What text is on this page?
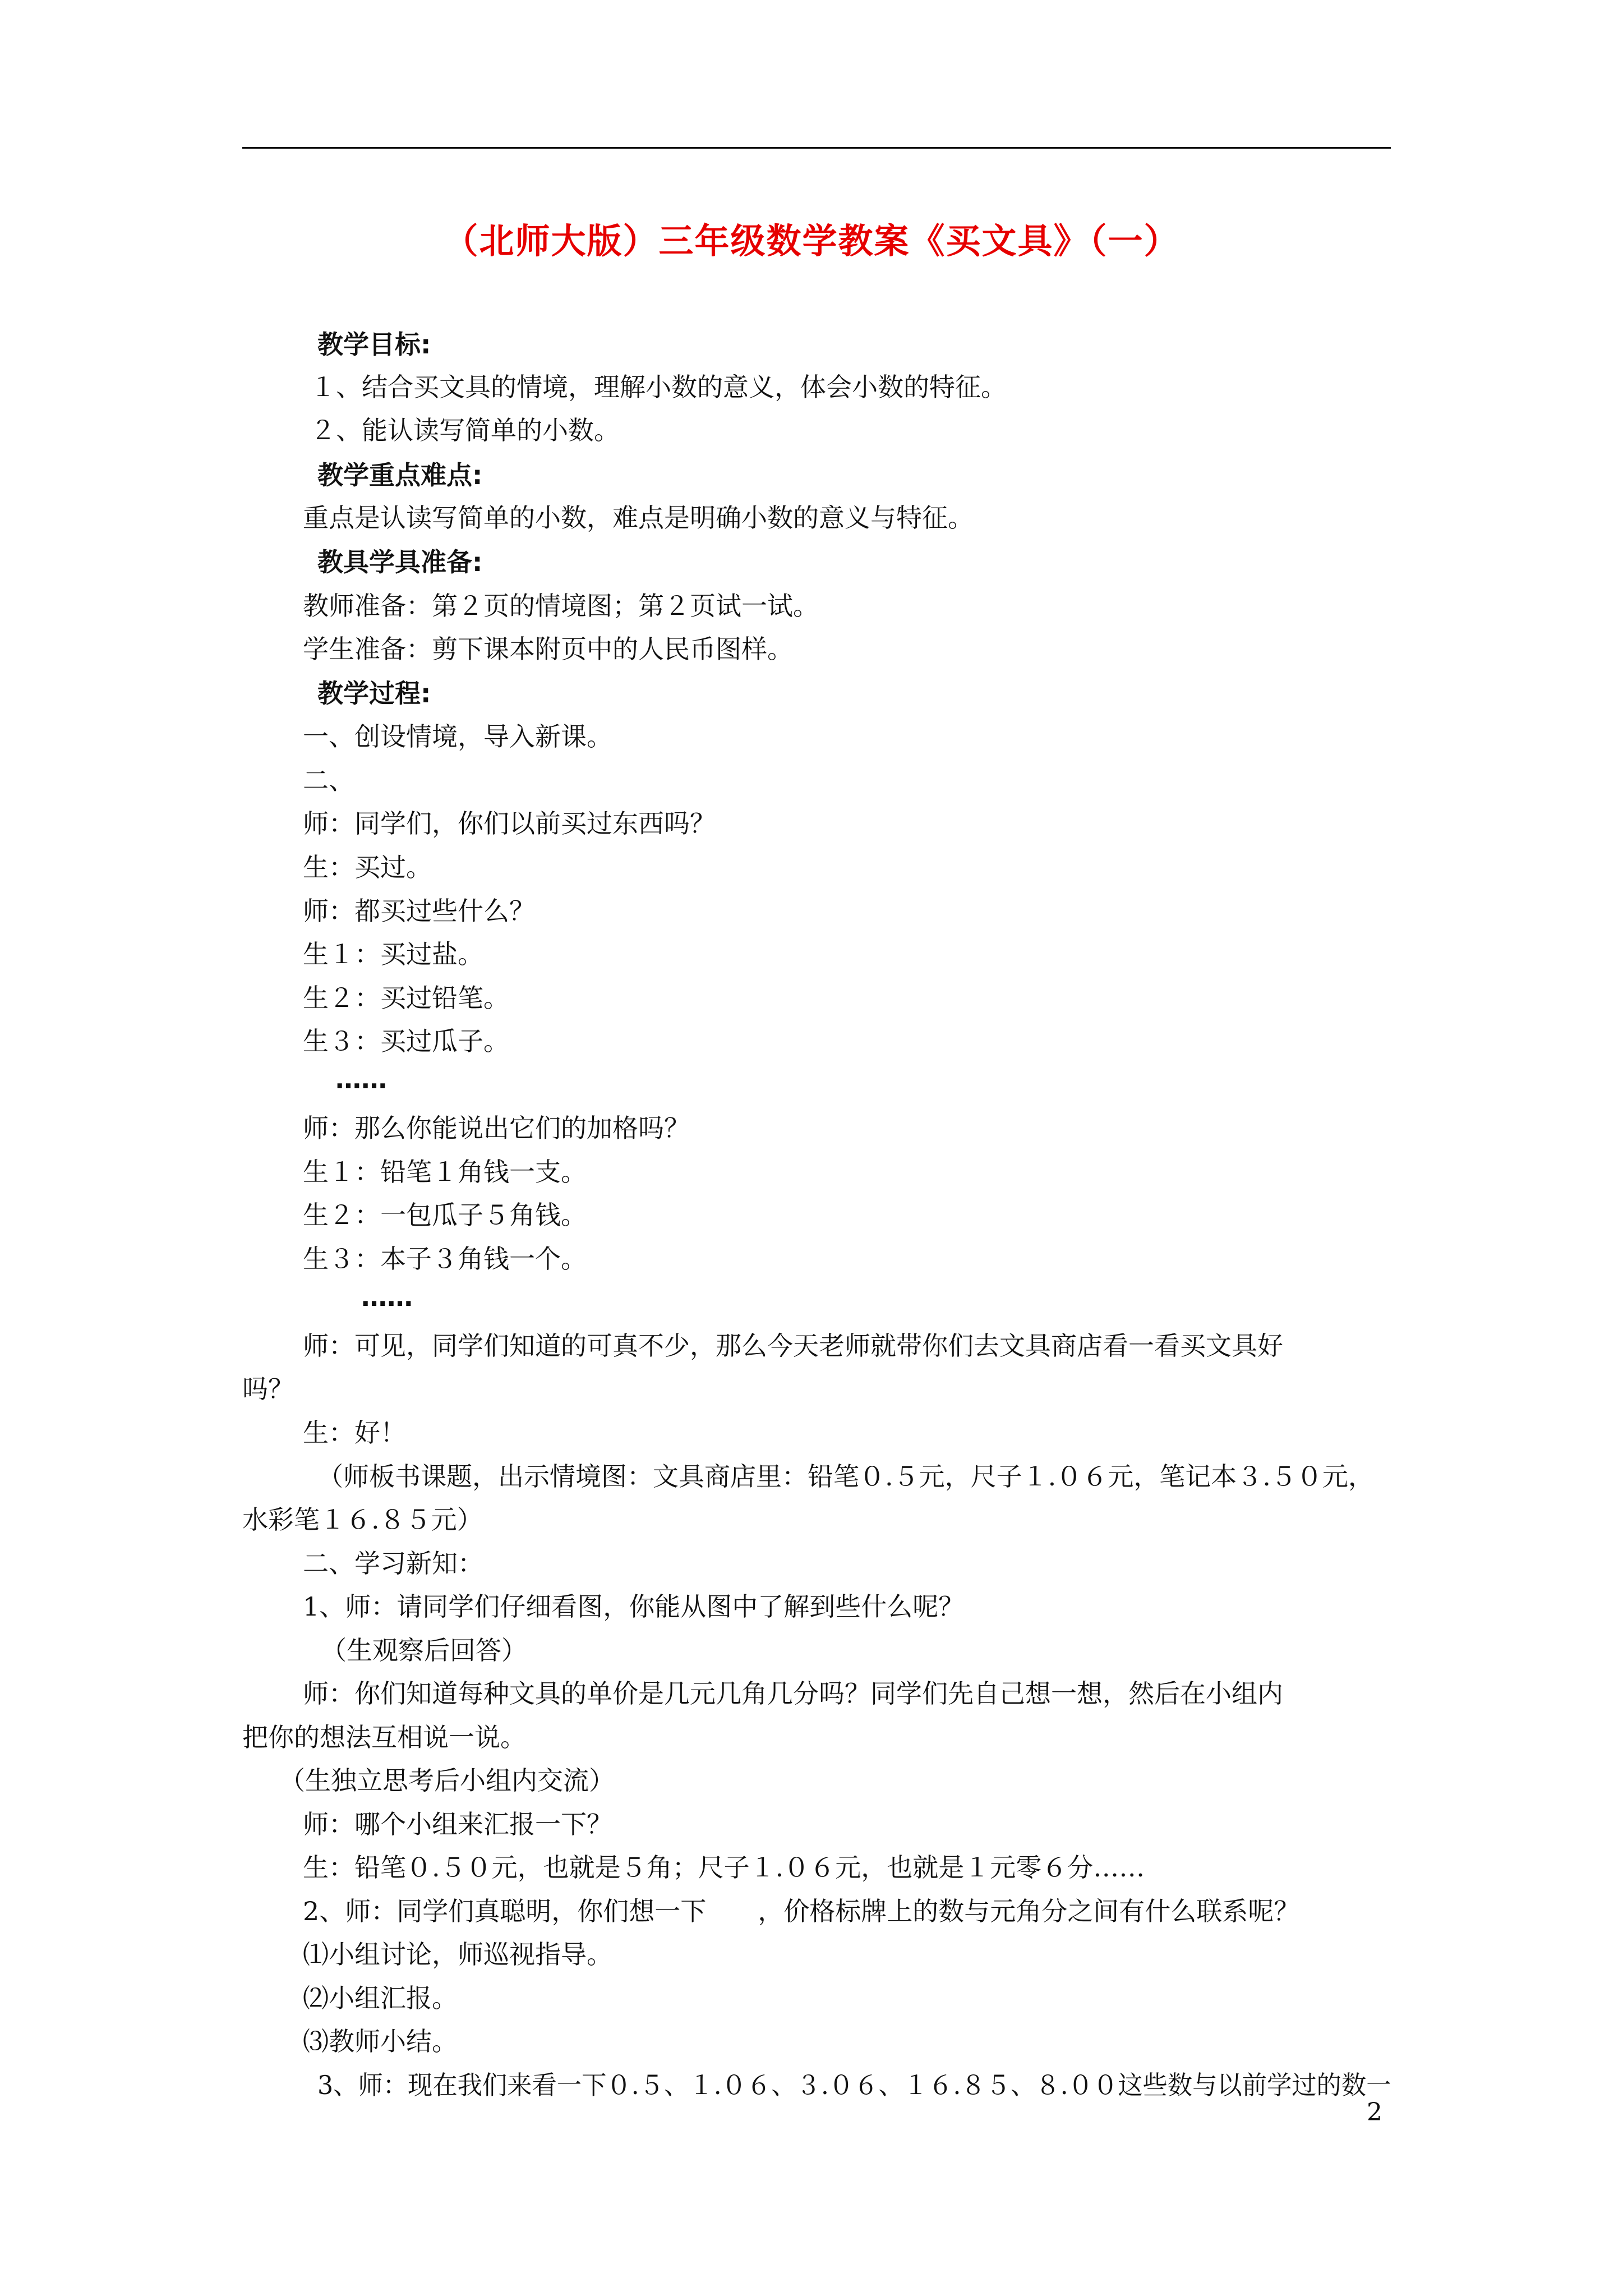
（北师大版）三年级数学教案《买文具》（一）
教学目标:
１、结合买文具的情境，理解小数的意义，体会小数的特征。
２、能认读写简单的小数。
教学重点难点:
重点是认读写简单的小数，难点是明确小数的意义与特征。
教具学具准备:
教师准备：第２页的情境图；第２页试一试。
学生准备：剪下课本附页中的人民币图样。
教学过程:
一、创设情境，导入新课。
二、
师：同学们，你们以前买过东西吗？
生：买过。
师：都买过些什么？
生１：买过盐。
生２：买过铅笔。
生３：买过瓜子。
……
师：那么你能说出它们的加格吗？
生１：铅笔１角钱一支。
生２：一包瓜子５角钱。
生３：本子３角钱一个。
……
师：可见，同学们知道的可真不少，那么今天老师就带你们去文具商店看一看买文具好
吗？
生：好！
（师板书课题，出示情境图：文具商店里：铅笔０.５元，尺子１.０６元，笔记本３.５０元，
水彩笔１６.８５元）
二、学习新知：
1、师：请同学们仔细看图，你能从图中了解到些什么呢？
（生观察后回答）
师：你们知道每种文具的单价是几元几角几分吗？同学们先自己想一想，然后在小组内
把你的想法互相说一说。
（生独立思考后小组内交流）
师：哪个小组来汇报一下？
生：铅笔０.５０元，也就是５角；尺子１.０６元，也就是１元零６分……
2、师：同学们真聪明，你们想一下　　，价格标牌上的数与元角分之间有什么联系呢？
⑴小组讨论，师巡视指导。
⑵小组汇报。
⑶教师小结。
3、师：现在我们来看一下０.５、１.０６、３.０６、１６.８５、８.００这些数与以前学过的数一
2
